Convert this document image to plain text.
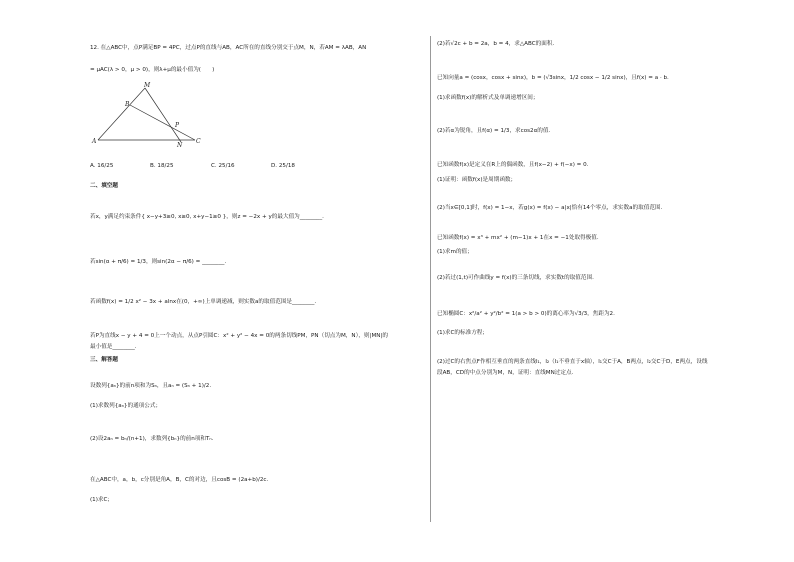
12. 在△ABC中，点P满足BP = 4PC，过点P的直线与AB，AC所在的直线分别交于点M，N，若AM = λAB，AN
= μAC(λ > 0，μ > 0)，则λ+μ的最小值为(　　)
M
B
P
A
N
C
A. 16/25	B. 18/25	C. 25/16	D. 25/18
二、填空题
若x，y满足约束条件{ x−y+3≥0, x≥0, x+y−1≥0 }，则z = −2x + y的最大值为________.
若sin(α + π/6) = 1/3，则sin(2α − π/6) = ________.
若函数f(x) = 1/2 x² − 3x + alnx在(0，+∞)上单调递减，则实数a的取值范围是________.
若P为直线x − y + 4 = 0上一个动点，从点P引圆C：x² + y² − 4x = 0的两条切线PM，PN（切点为M，N），则|MN|的
最小值是________.
三、解答题
设数列{aₙ}的前n项和为Sₙ，且aₙ = (Sₙ + 1)/2.
(1)求数列{aₙ}的通项公式；
(2)设2aₙ = bₙ/(n+1)，求数列{bₙ}的前n项和Tₙ.
在△ABC中，a，b，c分别是角A，B，C的对边，且cosB = (2a+b)/2c.
(1)求C；
(2)若√2c + b = 2a，b = 4，求△ABC的面积.
已知向量a = (cosx，cosx + sinx)，b = (√3sinx，1/2 cosx − 1/2 sinx)，且f(x) = a · b.
(1)求函数f(x)的解析式及单调递增区间；
(2)若α为锐角，且f(α) = 1/3，求cos2α的值.
已知函数f(x)是定义在R上的偶函数，且f(x−2) + f(−x) = 0.
(1)证明：函数f(x)是周期函数；
(2)当x∈[0,1]时，f(x) = 1−x，若g(x) = f(x) − a|x|恰有14个零点，求实数a的取值范围.
已知函数f(x) = x³ + mx² + (m−1)x + 1在x = −1处取得极值.
(1)求m的值；
(2)若过(1,t)可作曲线y = f(x)的三条切线，求实数t的取值范围.
已知椭圆C：x²/a² + y²/b² = 1(a > b > 0)的离心率为√3/3，焦距为2.
(1)求C的标准方程；
(2)过C的右焦点F作相互垂直的两条直线l₁，l₂（l₁不垂直于x轴），l₁交C于A，B两点，l₂交C于D，E两点，设线
段AB，CD的中点分别为M，N，证明：直线MN过定点.
